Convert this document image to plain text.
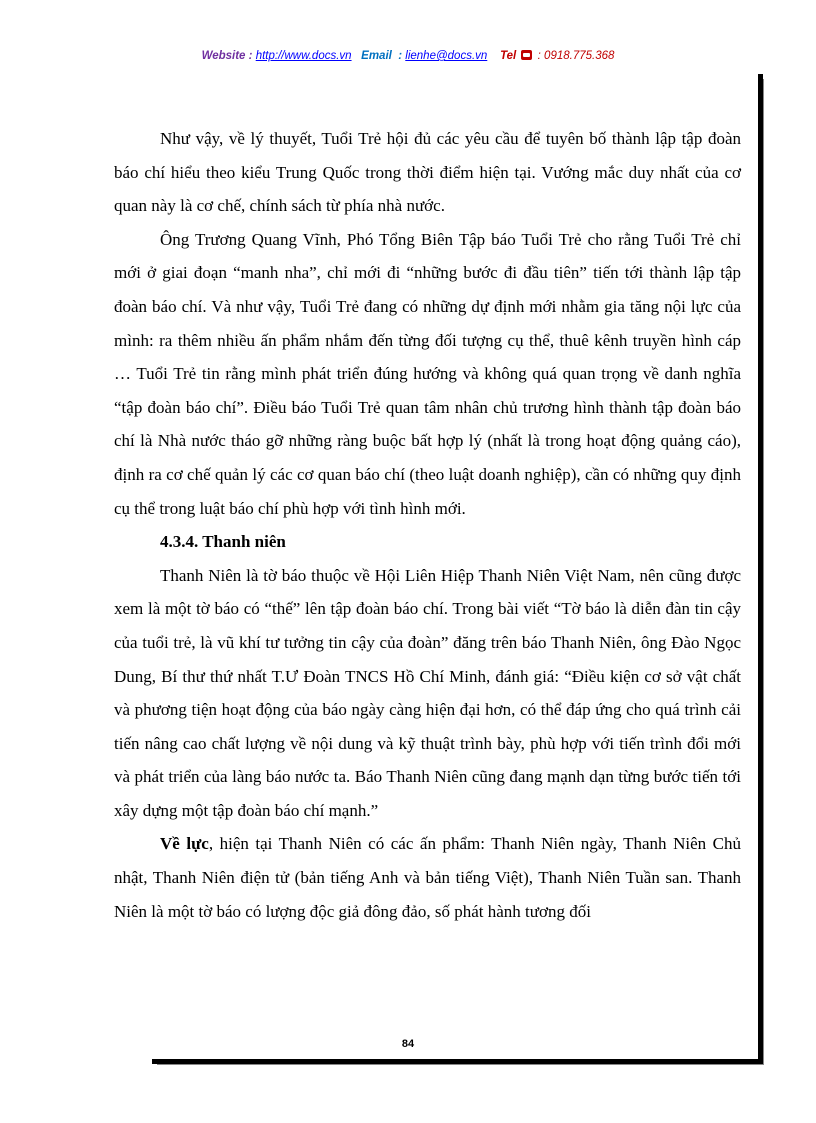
Website : http://www.docs.vn Email : lienhe@docs.vn Tel : 0918.775.368

Như vậy, về lý thuyết, Tuổi Trẻ hội đủ các yêu cầu để tuyên bố thành lập tập đoàn báo chí hiểu theo kiểu Trung Quốc trong thời điểm hiện tại. Vướng mắc duy nhất của cơ quan này là cơ chế, chính sách từ phía nhà nước.

Ông Trương Quang Vĩnh, Phó Tổng Biên Tập báo Tuổi Trẻ cho rằng Tuổi Trẻ chỉ mới ở giai đoạn “manh nha”, chỉ mới đi “những bước đi đầu tiên” tiến tới thành lập tập đoàn báo chí. Và như vậy, Tuổi Trẻ đang có những dự định mới nhằm gia tăng nội lực của mình: ra thêm nhiều ấn phẩm nhắm đến từng đối tượng cụ thể, thuê kênh truyền hình cáp … Tuổi Trẻ tin rằng mình phát triển đúng hướng và không quá quan trọng về danh nghĩa “tập đoàn báo chí”. Điều báo Tuổi Trẻ quan tâm nhân chủ trương hình thành tập đoàn báo chí là Nhà nước tháo gỡ những ràng buộc bất hợp lý (nhất là trong hoạt động quảng cáo), định ra cơ chế quản lý các cơ quan báo chí (theo luật doanh nghiệp), cần có những quy định cụ thể trong luật báo chí phù hợp với tình hình mới.

4.3.4. Thanh niên

Thanh Niên là tờ báo thuộc về Hội Liên Hiệp Thanh Niên Việt Nam, nên cũng được xem là một tờ báo có “thế” lên tập đoàn báo chí. Trong bài viết “Tờ báo là diễn đàn tin cậy của tuổi trẻ, là vũ khí tư tưởng tin cậy của đoàn” đăng trên báo Thanh Niên, ông Đào Ngọc Dung, Bí thư thứ nhất T.Ư Đoàn TNCS Hồ Chí Minh, đánh giá: “Điều kiện cơ sở vật chất và phương tiện hoạt động của báo ngày càng hiện đại hơn, có thể đáp ứng cho quá trình cải tiến nâng cao chất lượng về nội dung và kỹ thuật trình bày, phù hợp với tiến trình đổi mới và phát triển của làng báo nước ta. Báo Thanh Niên cũng đang mạnh dạn từng bước tiến tới xây dựng một tập đoàn báo chí mạnh.”

Về lực, hiện tại Thanh Niên có các ấn phẩm: Thanh Niên ngày, Thanh Niên Chủ nhật, Thanh Niên điện tử (bản tiếng Anh và bản tiếng Việt), Thanh Niên Tuần san. Thanh Niên là một tờ báo có lượng độc giả đông đảo, số phát hành tương đối

84
